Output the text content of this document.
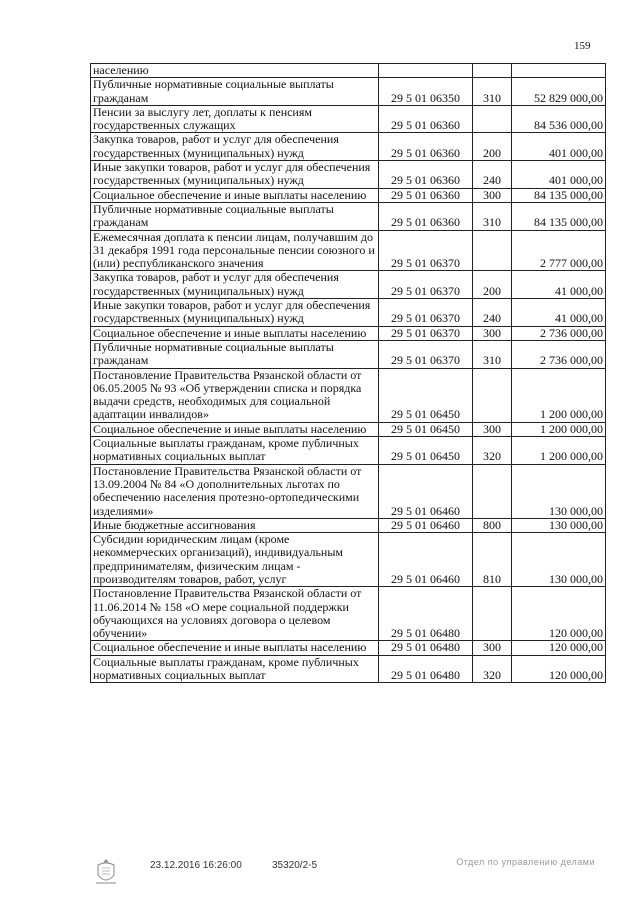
159
населению			
Публичные нормативные социальные выплаты гражданам	29 5 01 06350	310	52 829 000,00
Пенсии за выслугу лет, доплаты к пенсиям государственных служащих	29 5 01 06360		84 536 000,00
Закупка товаров, работ и услуг для обеспечения государственных (муниципальных) нужд	29 5 01 06360	200	401 000,00
Иные закупки товаров, работ и услуг для обеспечения государственных (муниципальных) нужд	29 5 01 06360	240	401 000,00
Социальное обеспечение и иные выплаты населению	29 5 01 06360	300	84 135 000,00
Публичные нормативные социальные выплаты гражданам	29 5 01 06360	310	84 135 000,00
Ежемесячная доплата к пенсии лицам, получавшим до 31 декабря 1991 года персональные пенсии союзного и (или) республиканского значения	29 5 01 06370		2 777 000,00
Закупка товаров, работ и услуг для обеспечения государственных (муниципальных) нужд	29 5 01 06370	200	41 000,00
Иные закупки товаров, работ и услуг для обеспечения государственных (муниципальных) нужд	29 5 01 06370	240	41 000,00
Социальное обеспечение и иные выплаты населению	29 5 01 06370	300	2 736 000,00
Публичные нормативные социальные выплаты гражданам	29 5 01 06370	310	2 736 000,00
Постановление Правительства Рязанской области от 06.05.2005 № 93 «Об утверждении списка и порядка выдачи средств, необходимых для социальной адаптации инвалидов»	29 5 01 06450		1 200 000,00
Социальное обеспечение и иные выплаты населению	29 5 01 06450	300	1 200 000,00
Социальные выплаты гражданам, кроме публичных нормативных социальных выплат	29 5 01 06450	320	1 200 000,00
Постановление Правительства Рязанской области от 13.09.2004 № 84 «О дополнительных льготах по обеспечению населения протезно-ортопедическими изделиями»	29 5 01 06460		130 000,00
Иные бюджетные ассигнования	29 5 01 06460	800	130 000,00
Субсидии юридическим лицам (кроме некоммерческих организаций), индивидуальным предпринимателям, физическим лицам - производителям товаров, работ, услуг	29 5 01 06460	810	130 000,00
Постановление Правительства Рязанской области от 11.06.2014 № 158 «О мере социальной поддержки обучающихся на условиях договора о целевом обучении»	29 5 01 06480		120 000,00
Социальное обеспечение и иные выплаты населению	29 5 01 06480	300	120 000,00
Социальные выплаты гражданам, кроме публичных нормативных социальных выплат	29 5 01 06480	320	120 000,00
23.12.2016 16:26:00	35320/2-5	Отдел по управлению делами
